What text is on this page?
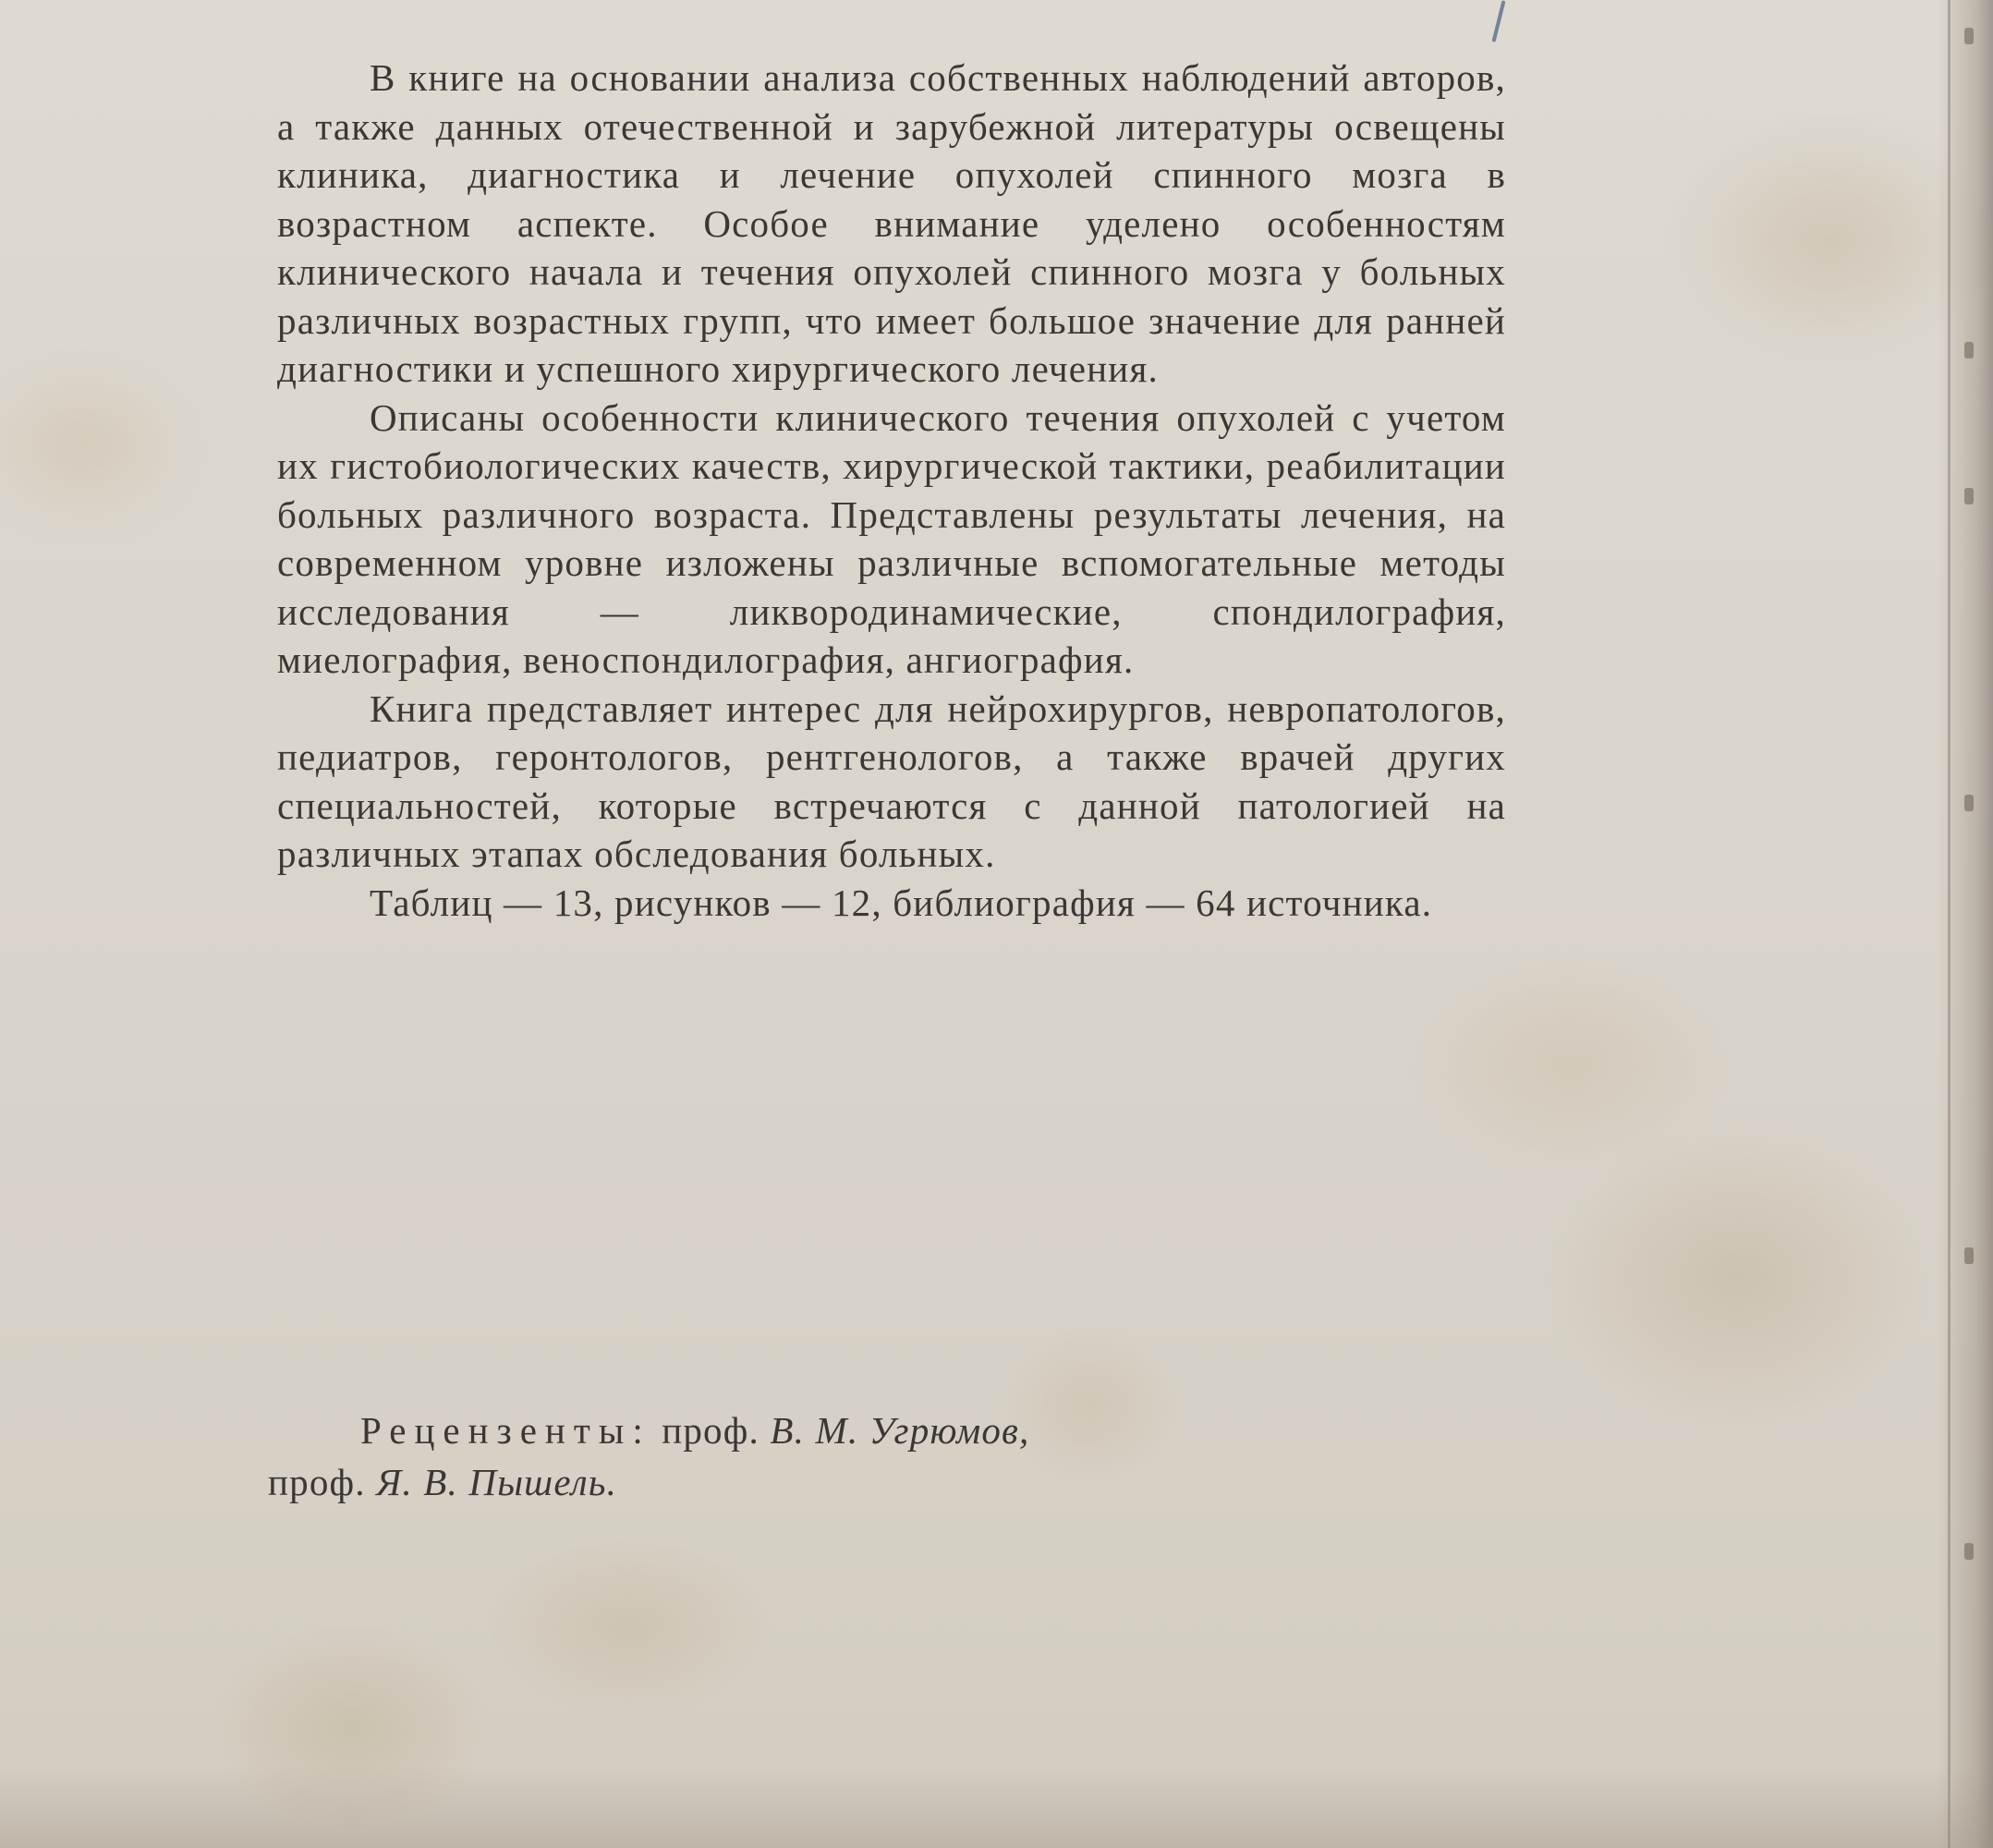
В книге на основании анализа собственных наблюдений авторов, а также данных отечественной и зарубежной литературы освещены клиника, диагностика и лечение опухолей спинного мозга в возрастном аспекте. Особое внимание уделено особенностям клинического начала и течения опухолей спинного мозга у больных различных возрастных групп, что имеет большое значение для ранней диагностики и успешного хирургического лечения.

Описаны особенности клинического течения опухолей с учетом их гистобиологических качеств, хирургической тактики, реабилитации больных различного возраста. Представлены результаты лечения, на современном уровне изложены различные вспомогательные методы исследования — ликвородинамические, спондилография, миелография, веноспондилография, ангиография.

Книга представляет интерес для нейрохирургов, невропатологов, педиатров, геронтологов, рентгенологов, а также врачей других специальностей, которые встречаются с данной патологией на различных этапах обследования больных.

Таблиц — 13, рисунков — 12, библиография — 64 источника.

Рецензенты: проф. В. М. Угрюмов,
проф. Я. В. Пышель.
